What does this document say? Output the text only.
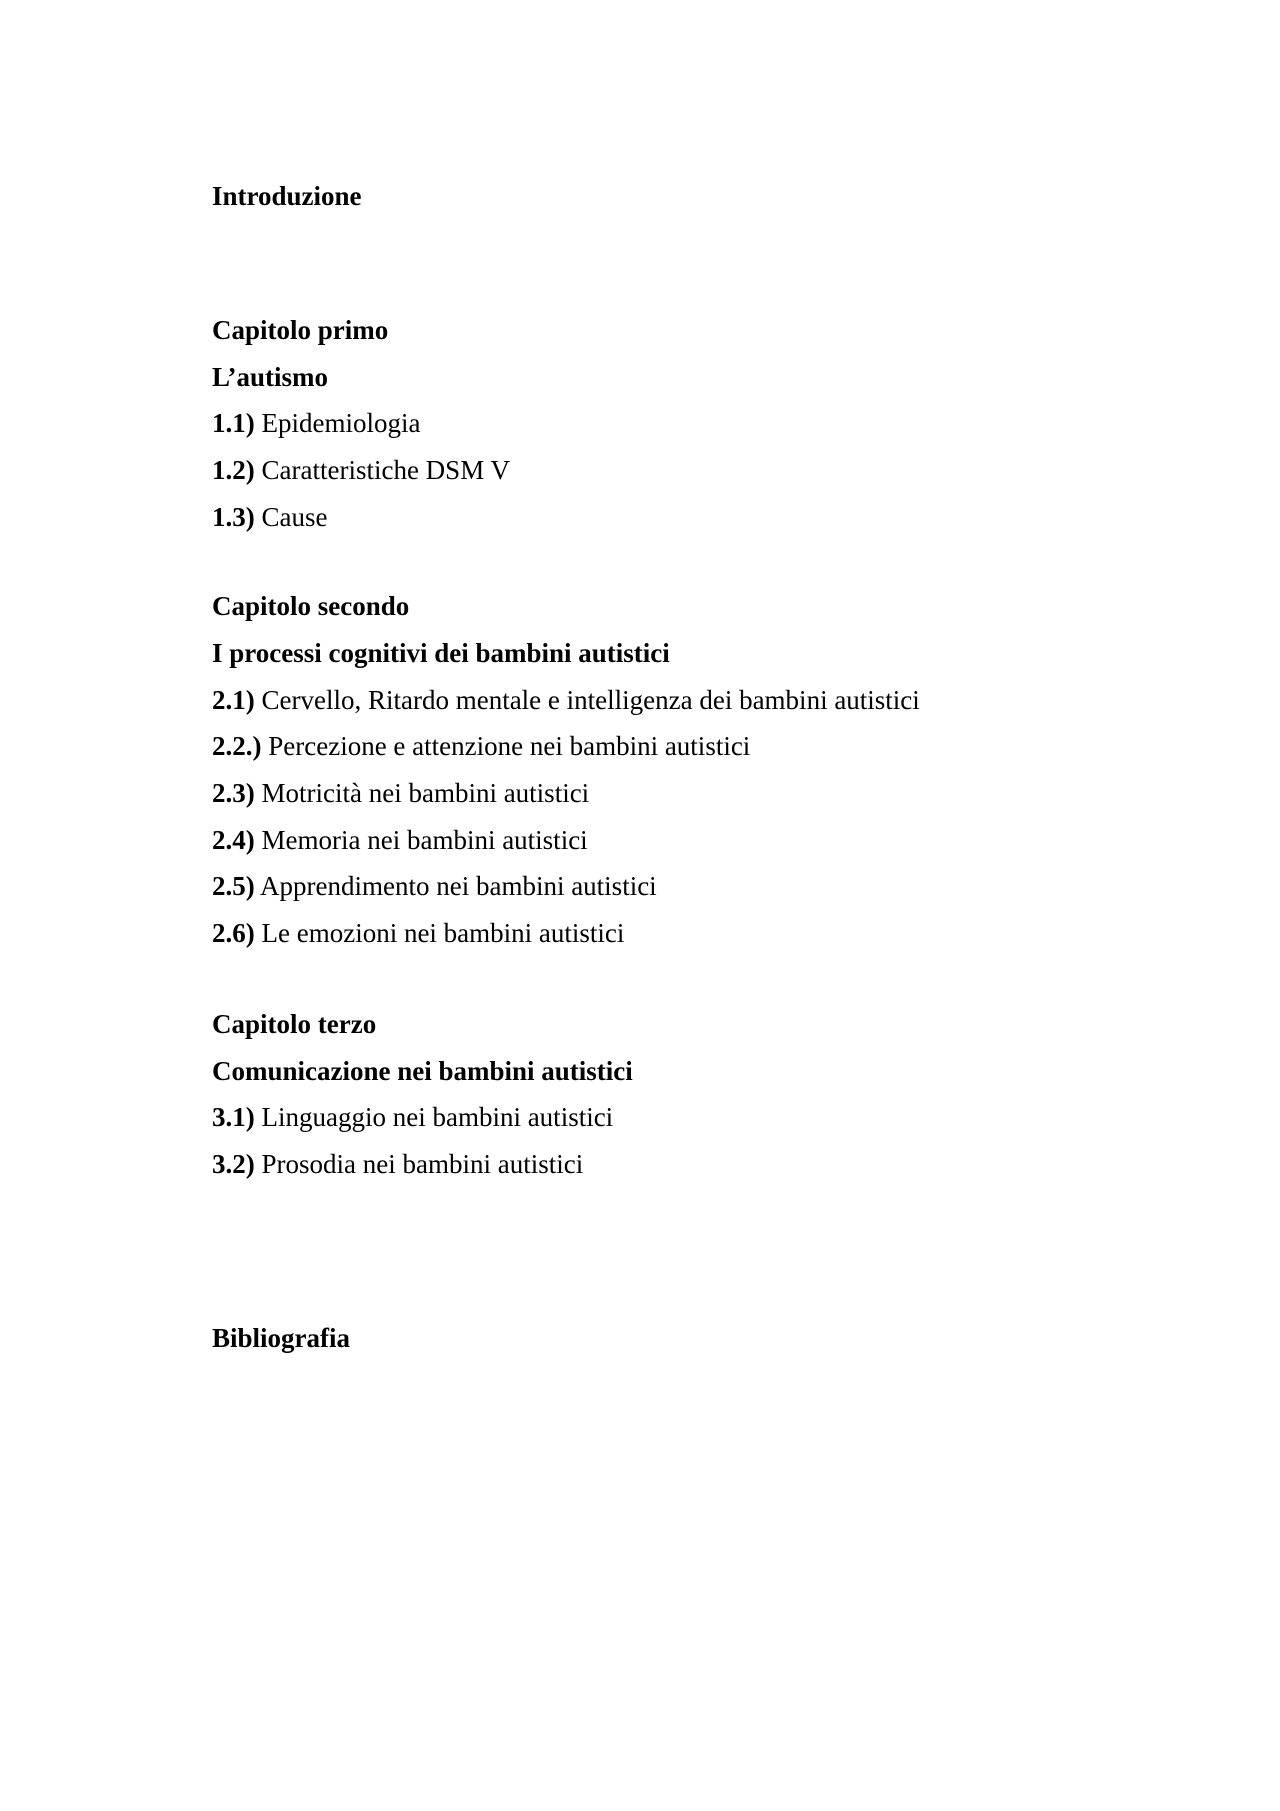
Introduzione
Capitolo primo
L’autismo
1.1) Epidemiologia
1.2) Caratteristiche DSM V
1.3) Cause
Capitolo secondo
I processi cognitivi dei bambini autistici
2.1) Cervello, Ritardo mentale e intelligenza dei bambini autistici
2.2.) Percezione e attenzione nei bambini autistici
2.3) Motricità nei bambini autistici
2.4) Memoria nei bambini autistici
2.5) Apprendimento nei bambini autistici
2.6) Le emozioni nei bambini autistici
Capitolo terzo
Comunicazione nei bambini autistici
3.1) Linguaggio nei bambini autistici
3.2) Prosodia nei bambini autistici
Bibliografia
